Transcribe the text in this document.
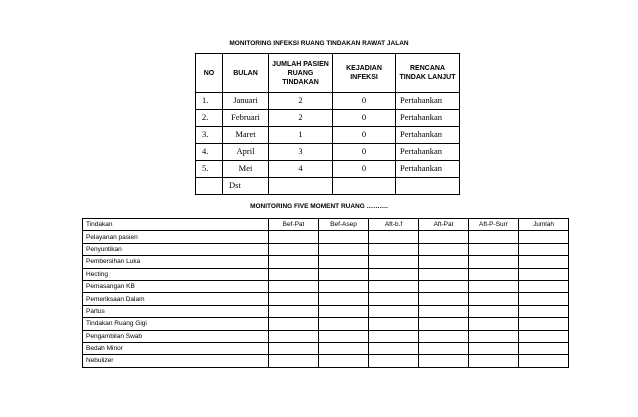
MONITORING INFEKSI RUANG TINDAKAN RAWAT JALAN
NO	BULAN	JUMLAH PASIEN RUANG TINDAKAN	KEJADIAN INFEKSI	RENCANA TINDAK LANJUT
1.	Januari	2	0	Pertahankan
2.	Februari	2	0	Pertahankan
3.	Maret	1	0	Pertahankan
4.	April	3	0	Pertahankan
5.	Mei	4	0	Pertahankan
	Dst			
MONITORING FIVE MOMENT RUANG ……….
Tindakan	Bef-Pat	Bef-Asep	Aft-b.f	Aft-Pat	Aft-P-Surr	Jumlah
Pelayanan pasien						
Penyuntikan						
Pembersihan Luka						
Hecting						
Pemasangan KB						
Pemeriksaan Dalam						
Partus						
Tindakan Ruang Gigi						
Pengambilan Swab						
Bedah Minor						
Nebulizer						
